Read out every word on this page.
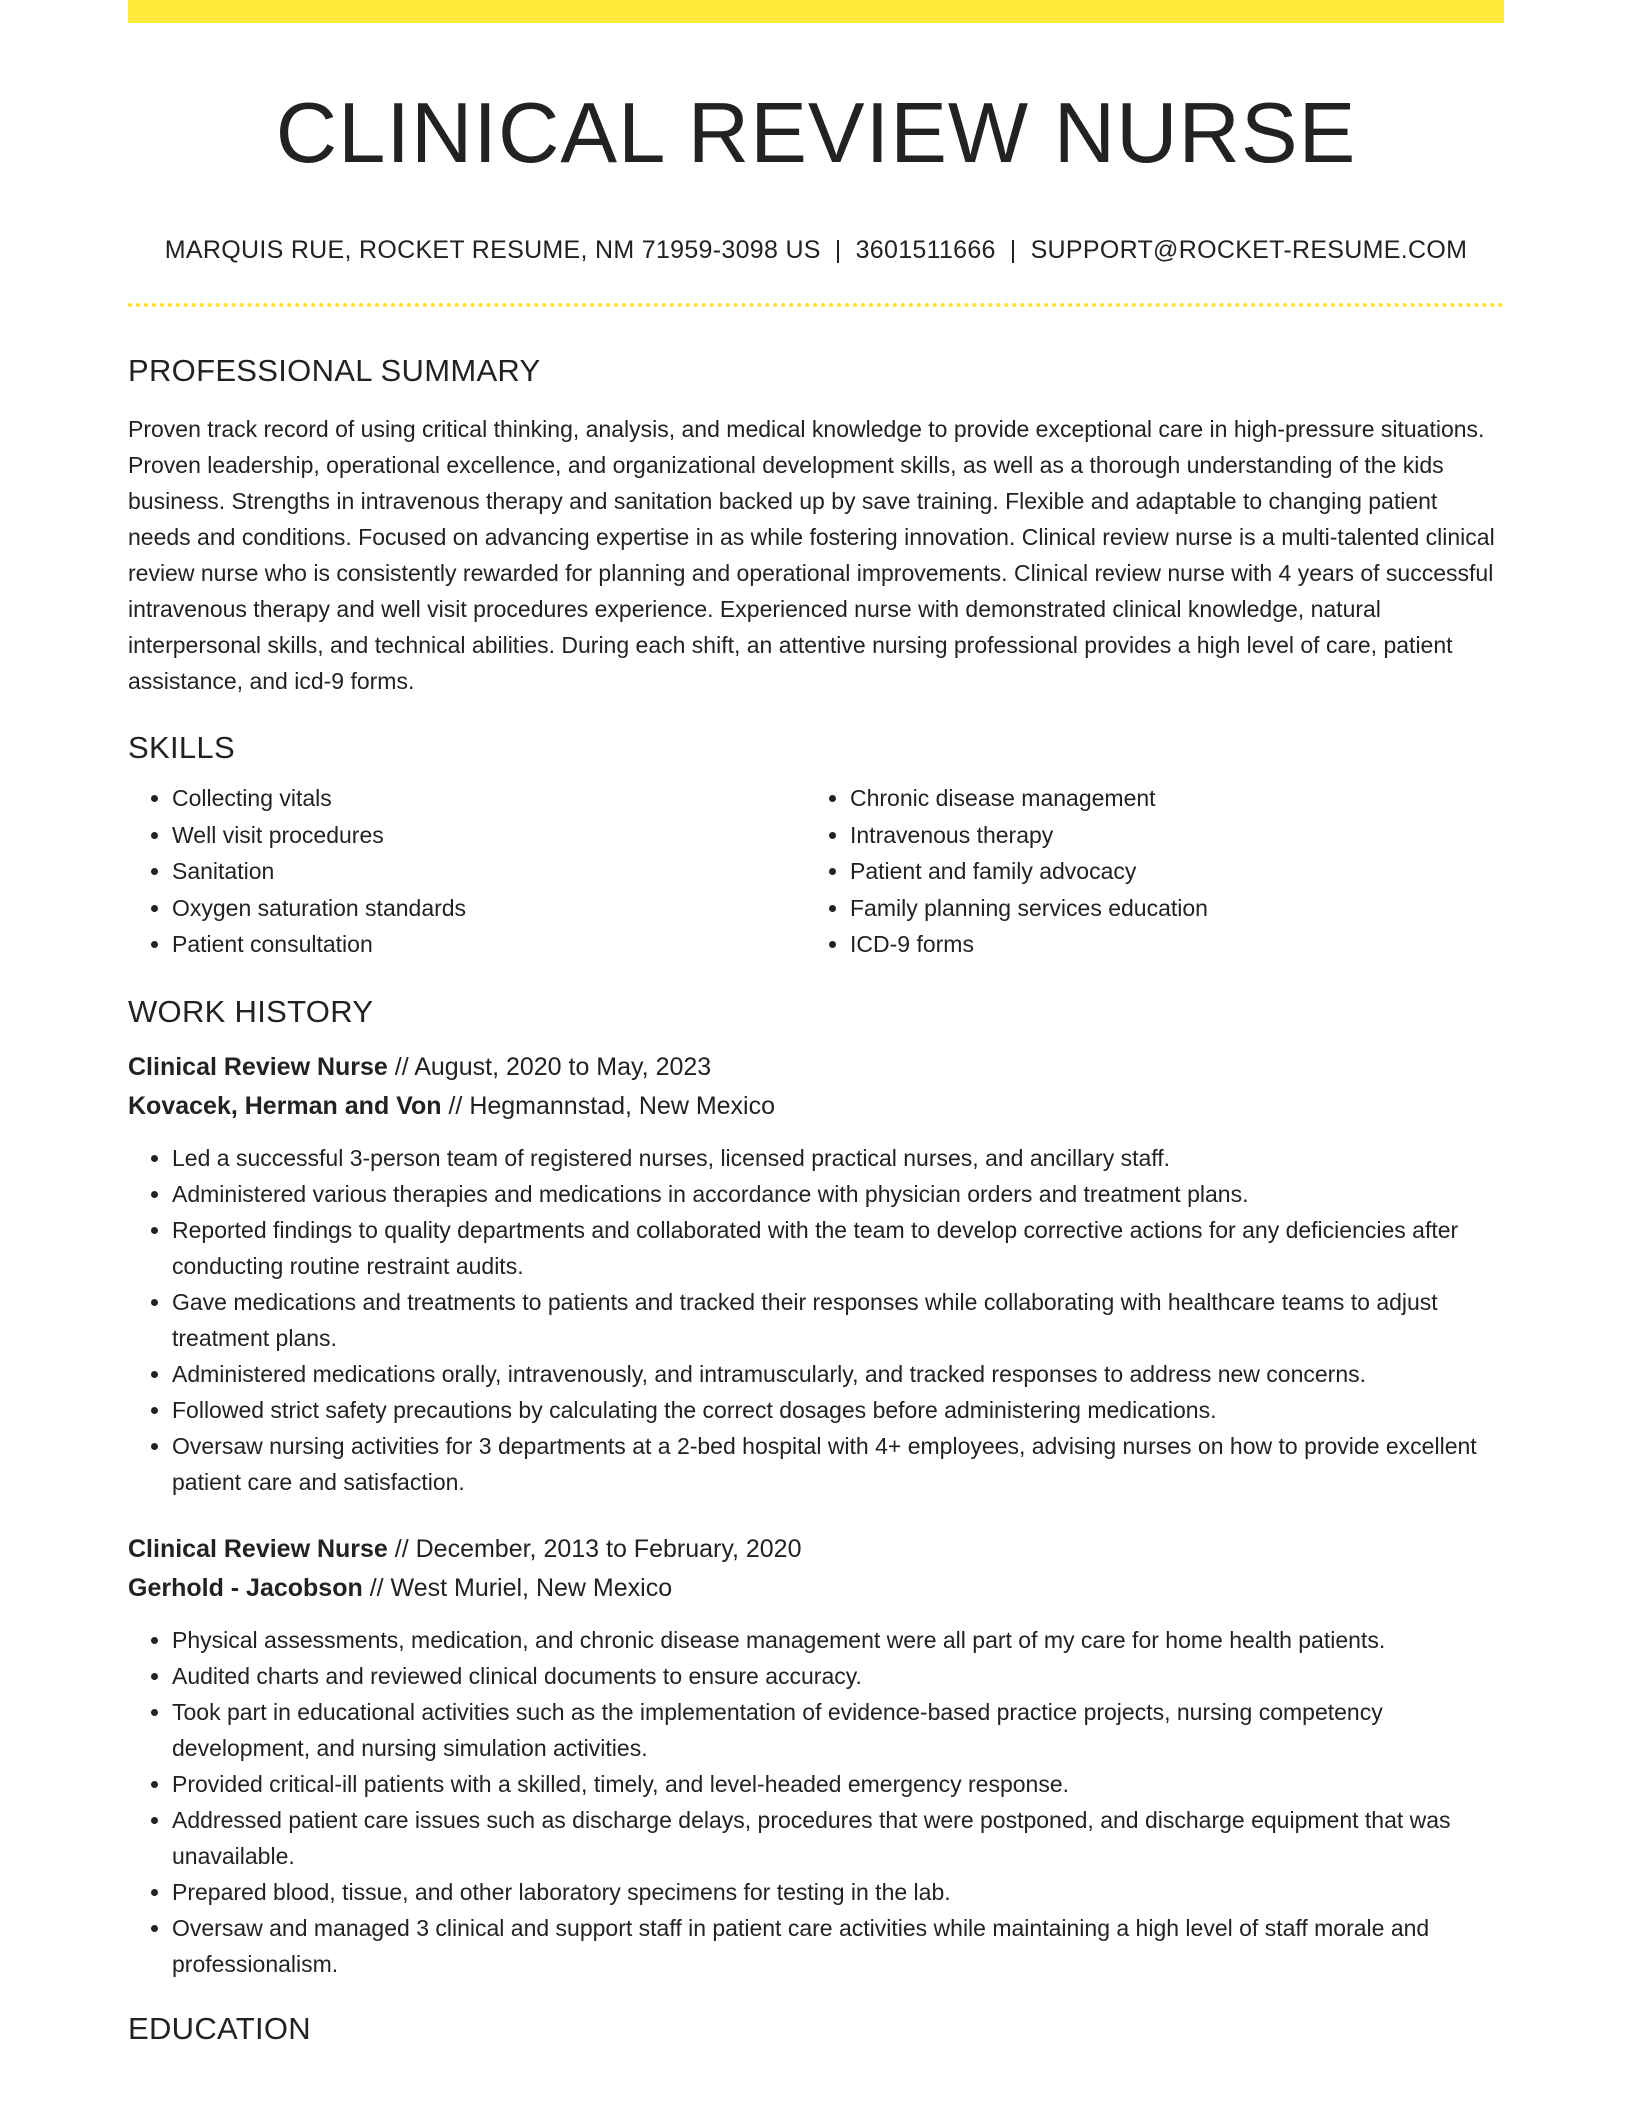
CLINICAL REVIEW NURSE
MARQUIS RUE, ROCKET RESUME, NM 71959-3098 US | 3601511666 | SUPPORT@ROCKET-RESUME.COM
PROFESSIONAL SUMMARY

Proven track record of using critical thinking, analysis, and medical knowledge to provide exceptional care in high-pressure situations. Proven leadership, operational excellence, and organizational development skills, as well as a thorough understanding of the kids business. Strengths in intravenous therapy and sanitation backed up by save training. Flexible and adaptable to changing patient needs and conditions. Focused on advancing expertise in as while fostering innovation. Clinical review nurse is a multi-talented clinical review nurse who is consistently rewarded for planning and operational improvements. Clinical review nurse with 4 years of successful intravenous therapy and well visit procedures experience. Experienced nurse with demonstrated clinical knowledge, natural interpersonal skills, and technical abilities. During each shift, an attentive nursing professional provides a high level of care, patient assistance, and icd-9 forms.

SKILLS
• Collecting vitals
• Well visit procedures
• Sanitation
• Oxygen saturation standards
• Patient consultation
• Chronic disease management
• Intravenous therapy
• Patient and family advocacy
• Family planning services education
• ICD-9 forms
WORK HISTORY
Clinical Review Nurse // August, 2020 to May, 2023
Kovacek, Herman and Von // Hegmannstad, New Mexico
• Led a successful 3-person team of registered nurses, licensed practical nurses, and ancillary staff.
• Administered various therapies and medications in accordance with physician orders and treatment plans.
• Reported findings to quality departments and collaborated with the team to develop corrective actions for any deficiencies after conducting routine restraint audits.
• Gave medications and treatments to patients and tracked their responses while collaborating with healthcare teams to adjust treatment plans.
• Administered medications orally, intravenously, and intramuscularly, and tracked responses to address new concerns.
• Followed strict safety precautions by calculating the correct dosages before administering medications.
• Oversaw nursing activities for 3 departments at a 2-bed hospital with 4+ employees, advising nurses on how to provide excellent patient care and satisfaction.
Clinical Review Nurse // December, 2013 to February, 2020
Gerhold - Jacobson // West Muriel, New Mexico
• Physical assessments, medication, and chronic disease management were all part of my care for home health patients.
• Audited charts and reviewed clinical documents to ensure accuracy.
• Took part in educational activities such as the implementation of evidence-based practice projects, nursing competency development, and nursing simulation activities.
• Provided critical-ill patients with a skilled, timely, and level-headed emergency response.
• Addressed patient care issues such as discharge delays, procedures that were postponed, and discharge equipment that was unavailable.
• Prepared blood, tissue, and other laboratory specimens for testing in the lab.
• Oversaw and managed 3 clinical and support staff in patient care activities while maintaining a high level of staff morale and professionalism.
EDUCATION
